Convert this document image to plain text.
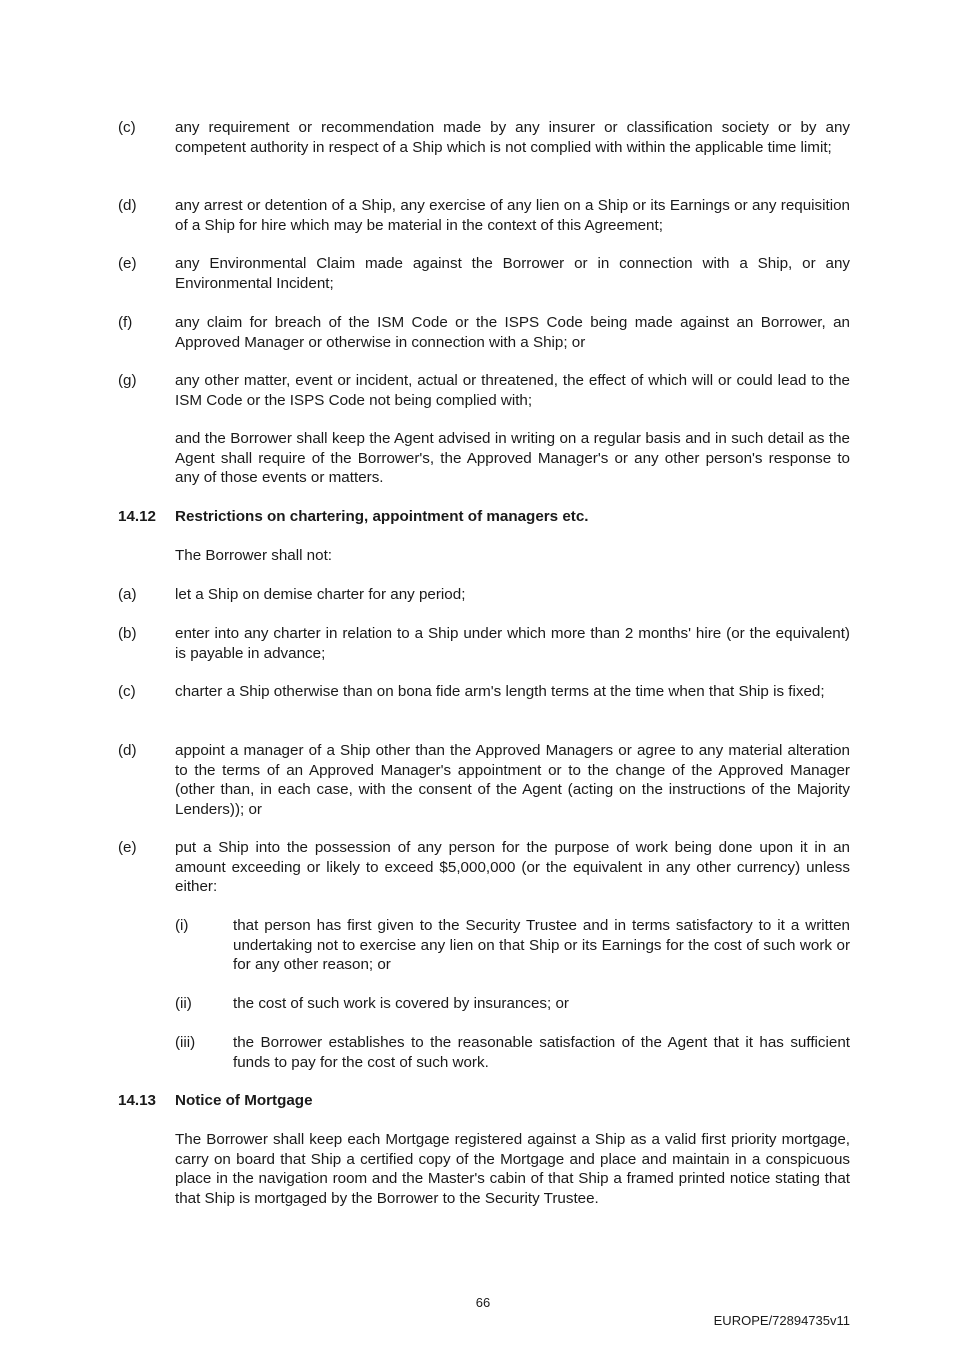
(c)	any requirement or recommendation made by any insurer or classification society or by any competent authority in respect of a Ship which is not complied with within the applicable time limit;
(d)	any arrest or detention of a Ship, any exercise of any lien on a Ship or its Earnings or any requisition of a Ship for hire which may be material in the context of this Agreement;
(e)	any Environmental Claim made against the Borrower or in connection with a Ship, or any Environmental Incident;
(f)	any claim for breach of the ISM Code or the ISPS Code being made against an Borrower, an Approved Manager or otherwise in connection with a Ship; or
(g)	any other matter, event or incident, actual or threatened, the effect of which will or could lead to the ISM Code or the ISPS Code not being complied with;
and the Borrower shall keep the Agent advised in writing on a regular basis and in such detail as the Agent shall require of the Borrower's, the Approved Manager's or any other person's response to any of those events or matters.
14.12	Restrictions on chartering, appointment of managers etc.
The Borrower shall not:
(a)	let a Ship on demise charter for any period;
(b)	enter into any charter in relation to a Ship under which more than 2 months' hire (or the equivalent) is payable in advance;
(c)	charter a Ship otherwise than on bona fide arm's length terms at the time when that Ship is fixed;
(d)	appoint a manager of a Ship other than the Approved Managers or agree to any material alteration to the terms of an Approved Manager's appointment or to the change of the Approved Manager (other than, in each case, with the consent of the Agent (acting on the instructions of the Majority Lenders)); or
(e)	put a Ship into the possession of any person for the purpose of work being done upon it in an amount exceeding or likely to exceed $5,000,000 (or the equivalent in any other currency) unless either:
(i)	that person has first given to the Security Trustee and in terms satisfactory to it a written undertaking not to exercise any lien on that Ship or its Earnings for the cost of such work or for any other reason; or
(ii)	the cost of such work is covered by insurances; or
(iii)	the Borrower establishes to the reasonable satisfaction of the Agent that it has sufficient funds to pay for the cost of such work.
14.13	Notice of Mortgage
The Borrower shall keep each Mortgage registered against a Ship as a valid first priority mortgage, carry on board that Ship a certified copy of the Mortgage and place and maintain in a conspicuous place in the navigation room and the Master's cabin of that Ship a framed printed notice stating that that Ship is mortgaged by the Borrower to the Security Trustee.
66
EUROPE/72894735v11
